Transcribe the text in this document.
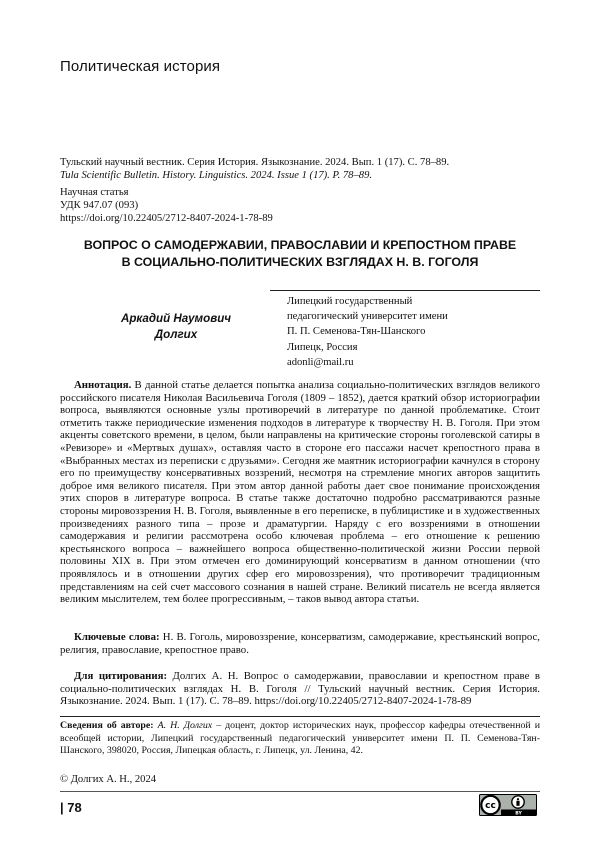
Политическая история
Тульский научный вестник. Серия История. Языкознание. 2024. Вып. 1 (17). С. 78–89.
Tula Scientific Bulletin. History. Linguistics. 2024. Issue 1 (17). P. 78–89.
Научная статья
УДК 947.07 (093)
https://doi.org/10.22405/2712-8407-2024-1-78-89
ВОПРОС О САМОДЕРЖАВИИ, ПРАВОСЛАВИИ И КРЕПОСТНОМ ПРАВЕ
В СОЦИАЛЬНО-ПОЛИТИЧЕСКИХ ВЗГЛЯДАХ Н. В. ГОГОЛЯ
Аркадий Наумович
Долгих
Липецкий государственный
педагогический университет имени
П. П. Семенова-Тян-Шанского
Липецк, Россия
adonli@mail.ru

Аннотация. В данной статье делается попытка анализа социально-политических взглядов великого российского писателя Николая Васильевича Гоголя (1809 – 1852), дается краткий обзор историографии вопроса, выявляются основные узлы противоречий в литературе по данной проблематике. Стоит отметить также периодические изменения подходов в литературе к творчеству Н. В. Гоголя. При этом акценты советского времени, в целом, были направлены на критические стороны гоголевской сатиры в «Ревизоре» и «Мертвых душах», оставляя часто в стороне его пассажи насчет крепостного права в «Выбранных местах из переписки с друзьями». Сегодня же маятник историографии качнулся в сторону его по преимуществу консервативных воззрений, несмотря на стремление многих авторов защитить доброе имя великого писателя. При этом автор данной работы дает свое понимание происхождения этих споров в литературе вопроса. В статье также достаточно подробно рассматриваются разные стороны мировоззрения Н. В. Гоголя, выявленные в его переписке, в публицистике и в художественных произведениях разного типа – прозе и драматургии. Наряду с его воззрениями в отношении самодержавия и религии рассмотрена особо ключевая проблема – его отношение к решению крестьянского вопроса – важнейшего вопроса общественно-политической жизни России первой половины XIX в. При этом отмечен его доминирующий консерватизм в данном отношении (что проявлялось и в отношении других сфер его мировоззрения), что противоречит традиционным представлениям на сей счет массового сознания в нашей стране. Великий писатель не всегда является великим мыслителем, тем более прогрессивным, – таков вывод автора статьи.

Ключевые слова: Н. В. Гоголь, мировоззрение, консерватизм, самодержавие, крестьянский вопрос, религия, православие, крепостное право.

Для цитирования: Долгих А. Н. Вопрос о самодержавии, православии и крепостном праве в социально-политических взглядах Н. В. Гоголя // Тульский научный вестник. Серия История. Языкознание. 2024. Вып. 1 (17). С. 78–89. https://doi.org/10.22405/2712-8407-2024-1-78-89

Сведения об авторе: А. Н. Долгих – доцент, доктор исторических наук, профессор кафедры отечественной и всеобщей истории, Липецкий государственный педагогический университет имени П. П. Семенова-Тян-Шанского, 398020, Россия, Липецкая область, г. Липецк, ул. Ленина, 42.

© Долгих А. Н., 2024
| 78	cc
BY
